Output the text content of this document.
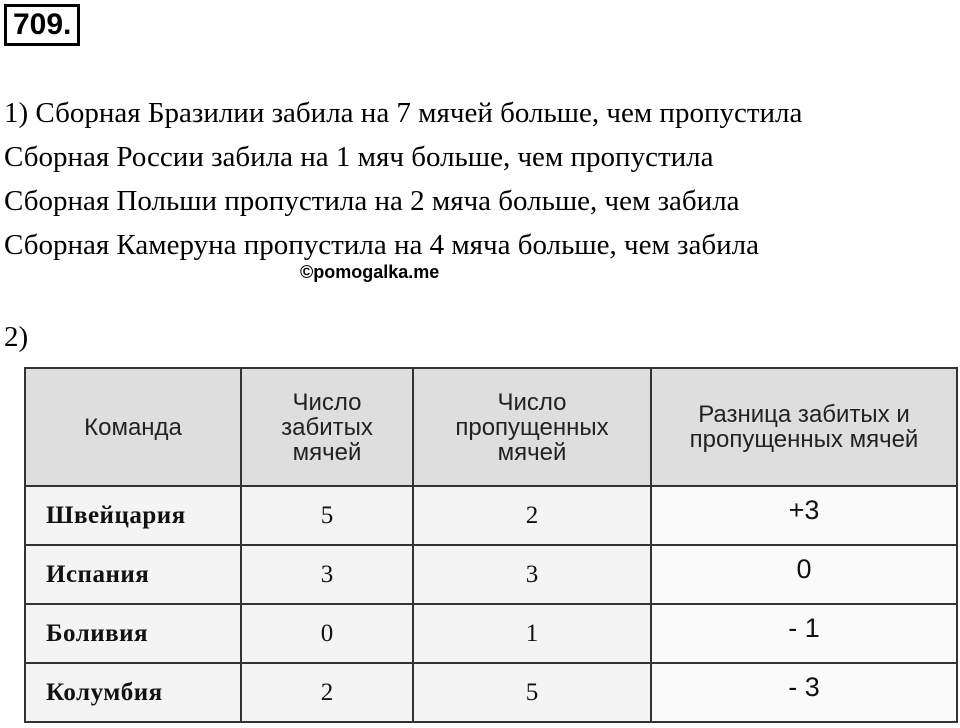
709.
1) Сборная Бразилии забила на 7 мячей больше, чем пропустила
Сборная России забила на 1 мяч больше, чем пропустила
Сборная Польши пропустила на 2 мяча больше, чем забила
Сборная Камеруна пропустила на 4 мяча больше, чем забила
©pomogalka.me
2)
Команда	Число забитых мячей	Число пропущенных мячей	Разница забитых и пропущенных мячей
Швейцария	5	2	+3
Испания	3	3	0
Боливия	0	1	- 1
Колумбия	2	5	- 3
